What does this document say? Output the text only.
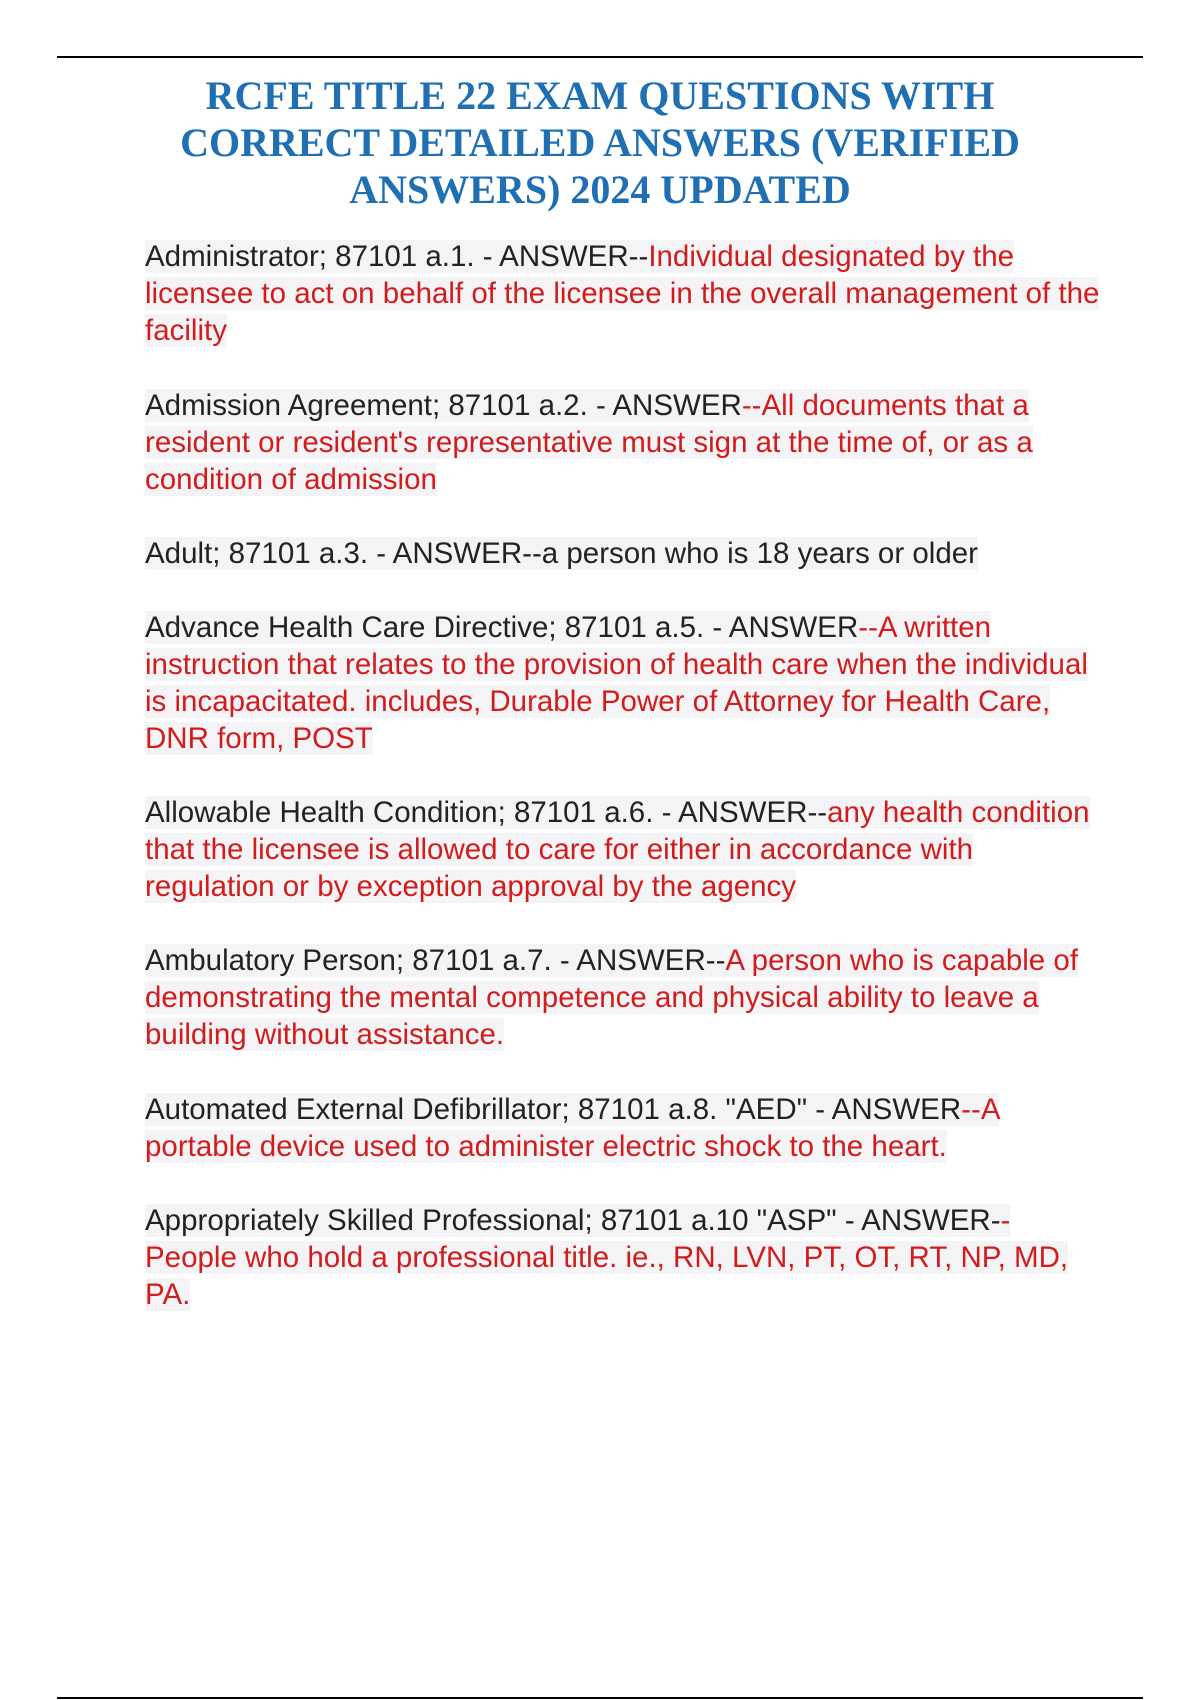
RCFE TITLE 22 EXAM QUESTIONS WITH CORRECT DETAILED ANSWERS (VERIFIED ANSWERS) 2024 UPDATED

Administrator; 87101 a.1. - ANSWER--Individual designated by the licensee to act on behalf of the licensee in the overall management of the facility

Admission Agreement; 87101 a.2. - ANSWER--All documents that a resident or resident's representative must sign at the time of, or as a condition of admission

Adult; 87101 a.3. - ANSWER--a person who is 18 years or older

Advance Health Care Directive; 87101 a.5. - ANSWER--A written instruction that relates to the provision of health care when the individual is incapacitated. includes, Durable Power of Attorney for Health Care, DNR form, POST

Allowable Health Condition; 87101 a.6. - ANSWER--any health condition that the licensee is allowed to care for either in accordance with regulation or by exception approval by the agency

Ambulatory Person; 87101 a.7. - ANSWER--A person who is capable of demonstrating the mental competence and physical ability to leave a building without assistance.

Automated External Defibrillator; 87101 a.8. "AED" - ANSWER--A portable device used to administer electric shock to the heart.

Appropriately Skilled Professional; 87101 a.10 "ASP" - ANSWER--People who hold a professional title. ie., RN, LVN, PT, OT, RT, NP, MD, PA.
